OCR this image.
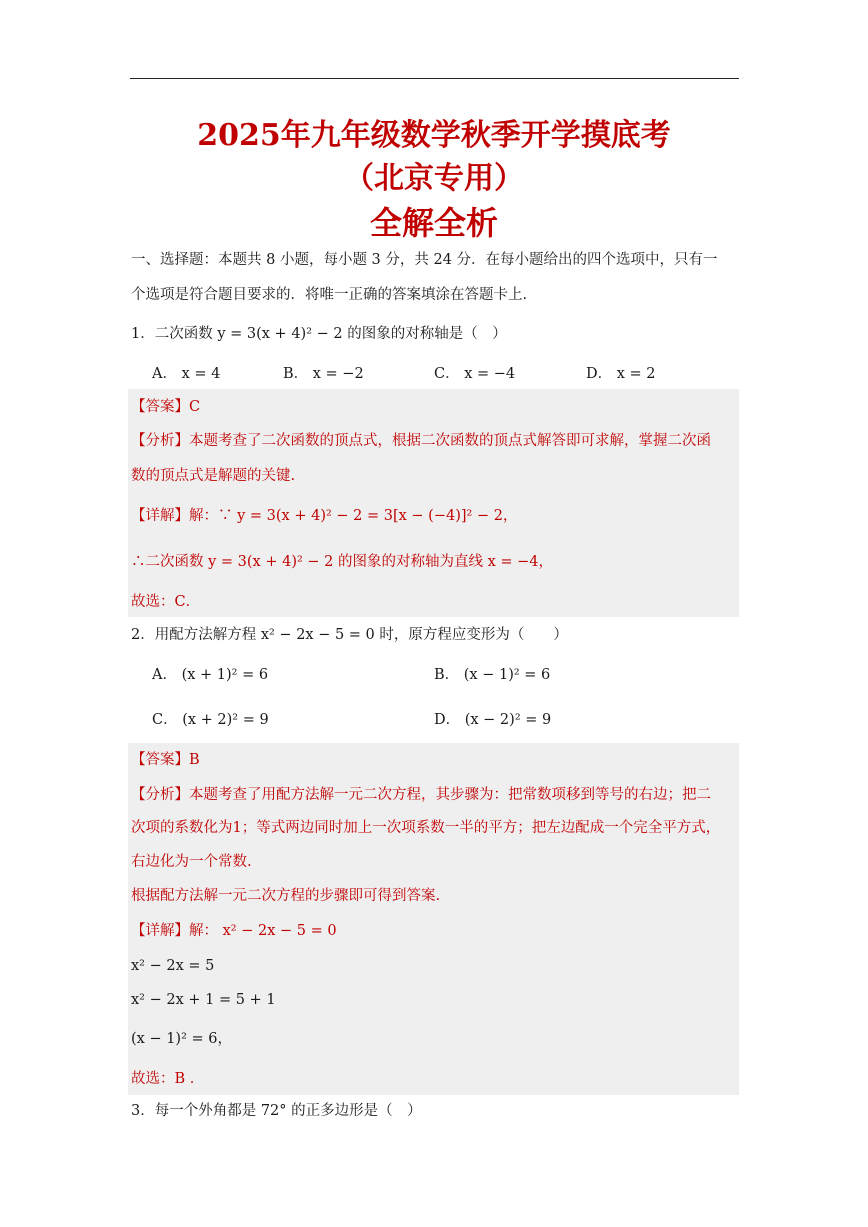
2025年九年级数学秋季开学摸底考
（北京专用）
全解全析
一、选择题：本题共 8 小题，每小题 3 分，共 24 分．在每小题给出的四个选项中，只有一
个选项是符合题目要求的．将唯一正确的答案填涂在答题卡上.
1．二次函数 y = 3(x + 4)² − 2 的图象的对称轴是（　）
A． x = 4	B． x = −2	C． x = −4	D． x = 2
【答案】C
【分析】本题考查了二次函数的顶点式，根据二次函数的顶点式解答即可求解，掌握二次函
数的顶点式是解题的关键.
【详解】解：∵ y = 3(x + 4)² − 2 = 3[x − (−4)]² − 2，
∴二次函数 y = 3(x + 4)² − 2 的图象的对称轴为直线 x = −4，
故选：C．
2．用配方法解方程 x² − 2x − 5 = 0 时，原方程应变形为（　　）
A． (x + 1)² = 6	B． (x − 1)² = 6
C． (x + 2)² = 9	D． (x − 2)² = 9
【答案】B
【分析】本题考查了用配方法解一元二次方程，其步骤为：把常数项移到等号的右边；把二
次项的系数化为1；等式两边同时加上一次项系数一半的平方；把左边配成一个完全平方式，
右边化为一个常数.
根据配方法解一元二次方程的步骤即可得到答案.
【详解】解： x² − 2x − 5 = 0
x² − 2x = 5
x² − 2x + 1 = 5 + 1
(x − 1)² = 6，
故选：B ．
3．每一个外角都是 72° 的正多边形是（　）
